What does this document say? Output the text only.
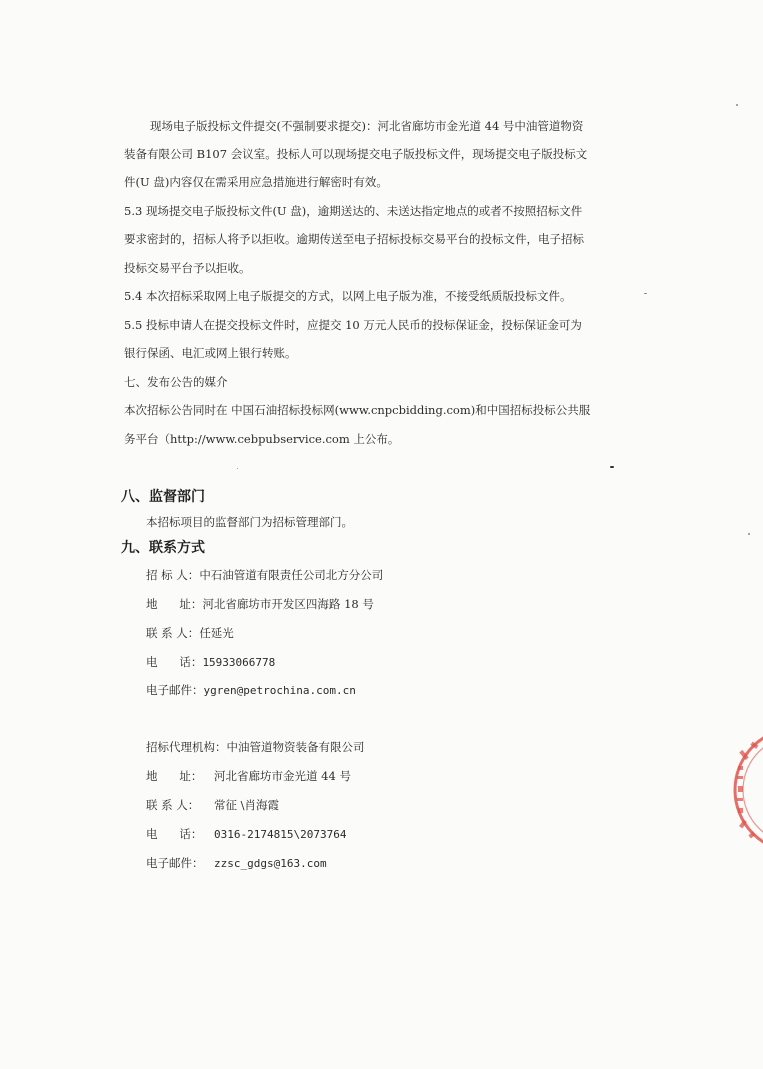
现场电子版投标文件提交(不强制要求提交)：河北省廊坊市金光道 44 号中油管道物资
装备有限公司 B107 会议室。投标人可以现场提交电子版投标文件，现场提交电子版投标文
件(U 盘)内容仅在需采用应急措施进行解密时有效。
5.3 现场提交电子版投标文件(U 盘)，逾期送达的、未送达指定地点的或者不按照招标文件
要求密封的，招标人将予以拒收。逾期传送至电子招标投标交易平台的投标文件，电子招标
投标交易平台予以拒收。
5.4 本次招标采取网上电子版提交的方式，以网上电子版为准，不接受纸质版投标文件。
5.5 投标申请人在提交投标文件时，应提交 10 万元人民币的投标保证金，投标保证金可为
银行保函、电汇或网上银行转账。
七、发布公告的媒介
本次招标公告同时在 中国石油招标投标网(www.cnpcbidding.com)和中国招标投标公共服
务平台（http://www.cebpubservice.com 上公布。
八、监督部门
本招标项目的监督部门为招标管理部门。
九、联系方式
招 标 人：中石油管道有限责任公司北方分公司
地      址：河北省廊坊市开发区四海路 18 号
联 系 人：任延光
电      话：15933066778
电子邮件：ygren@petrochina.com.cn
招标代理机构：中油管道物资装备有限公司
地      址： 河北省廊坊市金光道 44 号
联 系 人： 常征 \肖海霞
电      话： 0316-2174815\2073764
电子邮件： zzsc_gdgs@163.com
